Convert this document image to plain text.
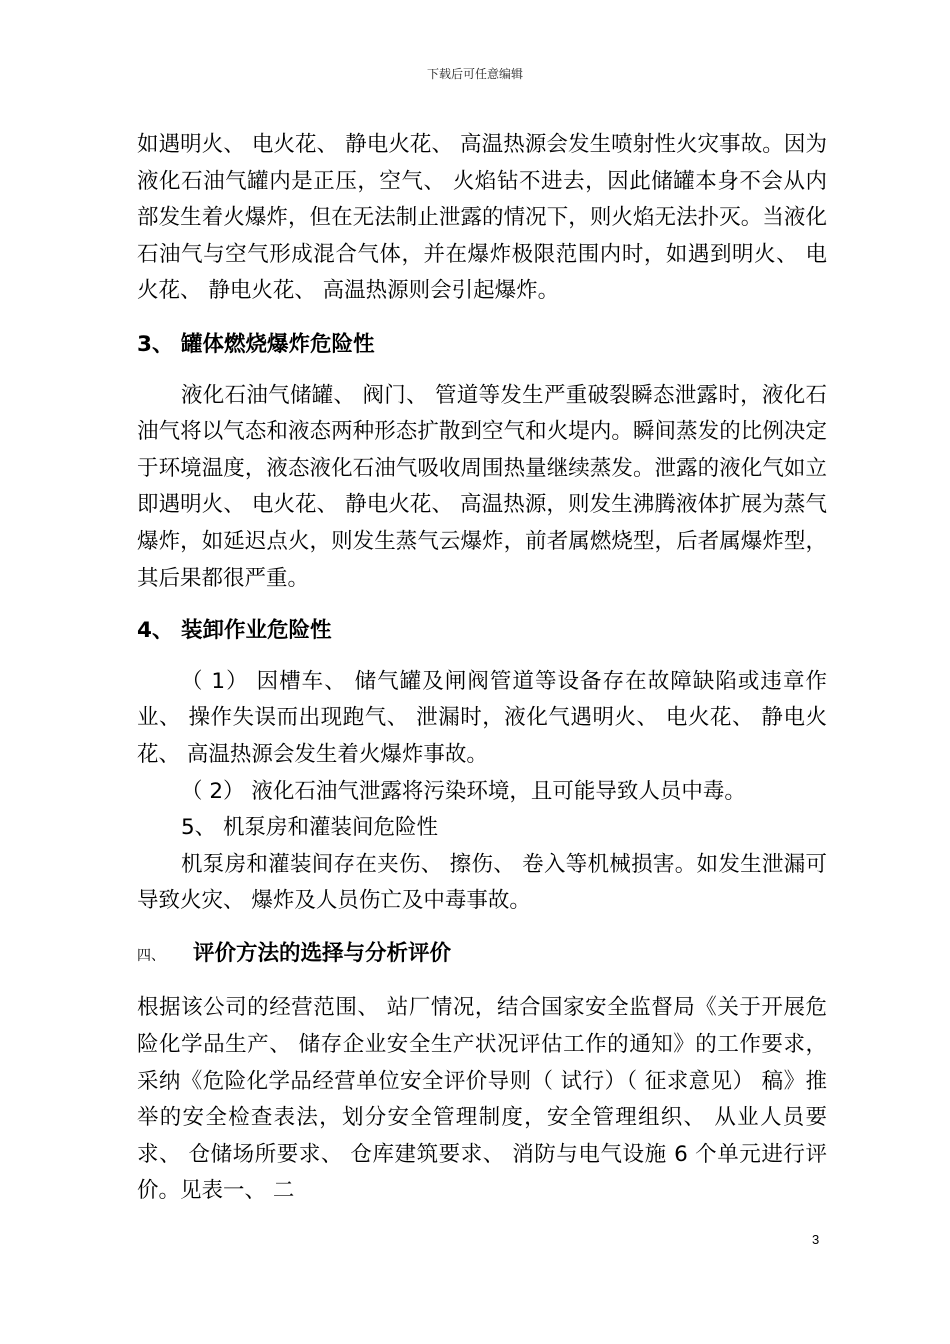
下载后可任意编辑

如遇明火、 电火花、 静电火花、 高温热源会发生喷射性火灾事故。因为液化石油气罐内是正压，空气、 火焰钻不进去，因此储罐本身不会从内部发生着火爆炸，但在无法制止泄露的情况下，则火焰无法扑灭。当液化石油气与空气形成混合气体，并在爆炸极限范围内时，如遇到明火、 电火花、 静电火花、 高温热源则会引起爆炸。

3、 罐体燃烧爆炸危险性

液化石油气储罐、 阀门、 管道等发生严重破裂瞬态泄露时，液化石油气将以气态和液态两种形态扩散到空气和火堤内。瞬间蒸发的比例决定于环境温度，液态液化石油气吸收周围热量继续蒸发。泄露的液化气如立即遇明火、 电火花、 静电火花、 高温热源，则发生沸腾液体扩展为蒸气爆炸，如延迟点火，则发生蒸气云爆炸，前者属燃烧型，后者属爆炸型，其后果都很严重。

4、 装卸作业危险性

（ 1） 因槽车、 储气罐及闸阀管道等设备存在故障缺陷或违章作业、 操作失误而出现跑气、 泄漏时，液化气遇明火、 电火花、 静电火花、 高温热源会发生着火爆炸事故。

（ 2） 液化石油气泄露将污染环境，且可能导致人员中毒。

5、 机泵房和灌装间危险性

机泵房和灌装间存在夹伤、 擦伤、 卷入等机械损害。如发生泄漏可导致火灾、 爆炸及人员伤亡及中毒事故。

四、 评价方法的选择与分析评价

根据该公司的经营范围、 站厂情况，结合国家安全监督局《关于开展危险化学品生产、 储存企业安全生产状况评估工作的通知》的工作要求，采纳《危险化学品经营单位安全评价导则（ 试行）（ 征求意见） 稿》推举的安全检查表法，划分安全管理制度，安全管理组织、 从业人员要求、 仓储场所要求、 仓库建筑要求、 消防与电气设施 6 个单元进行评价。见表一、 二

3
